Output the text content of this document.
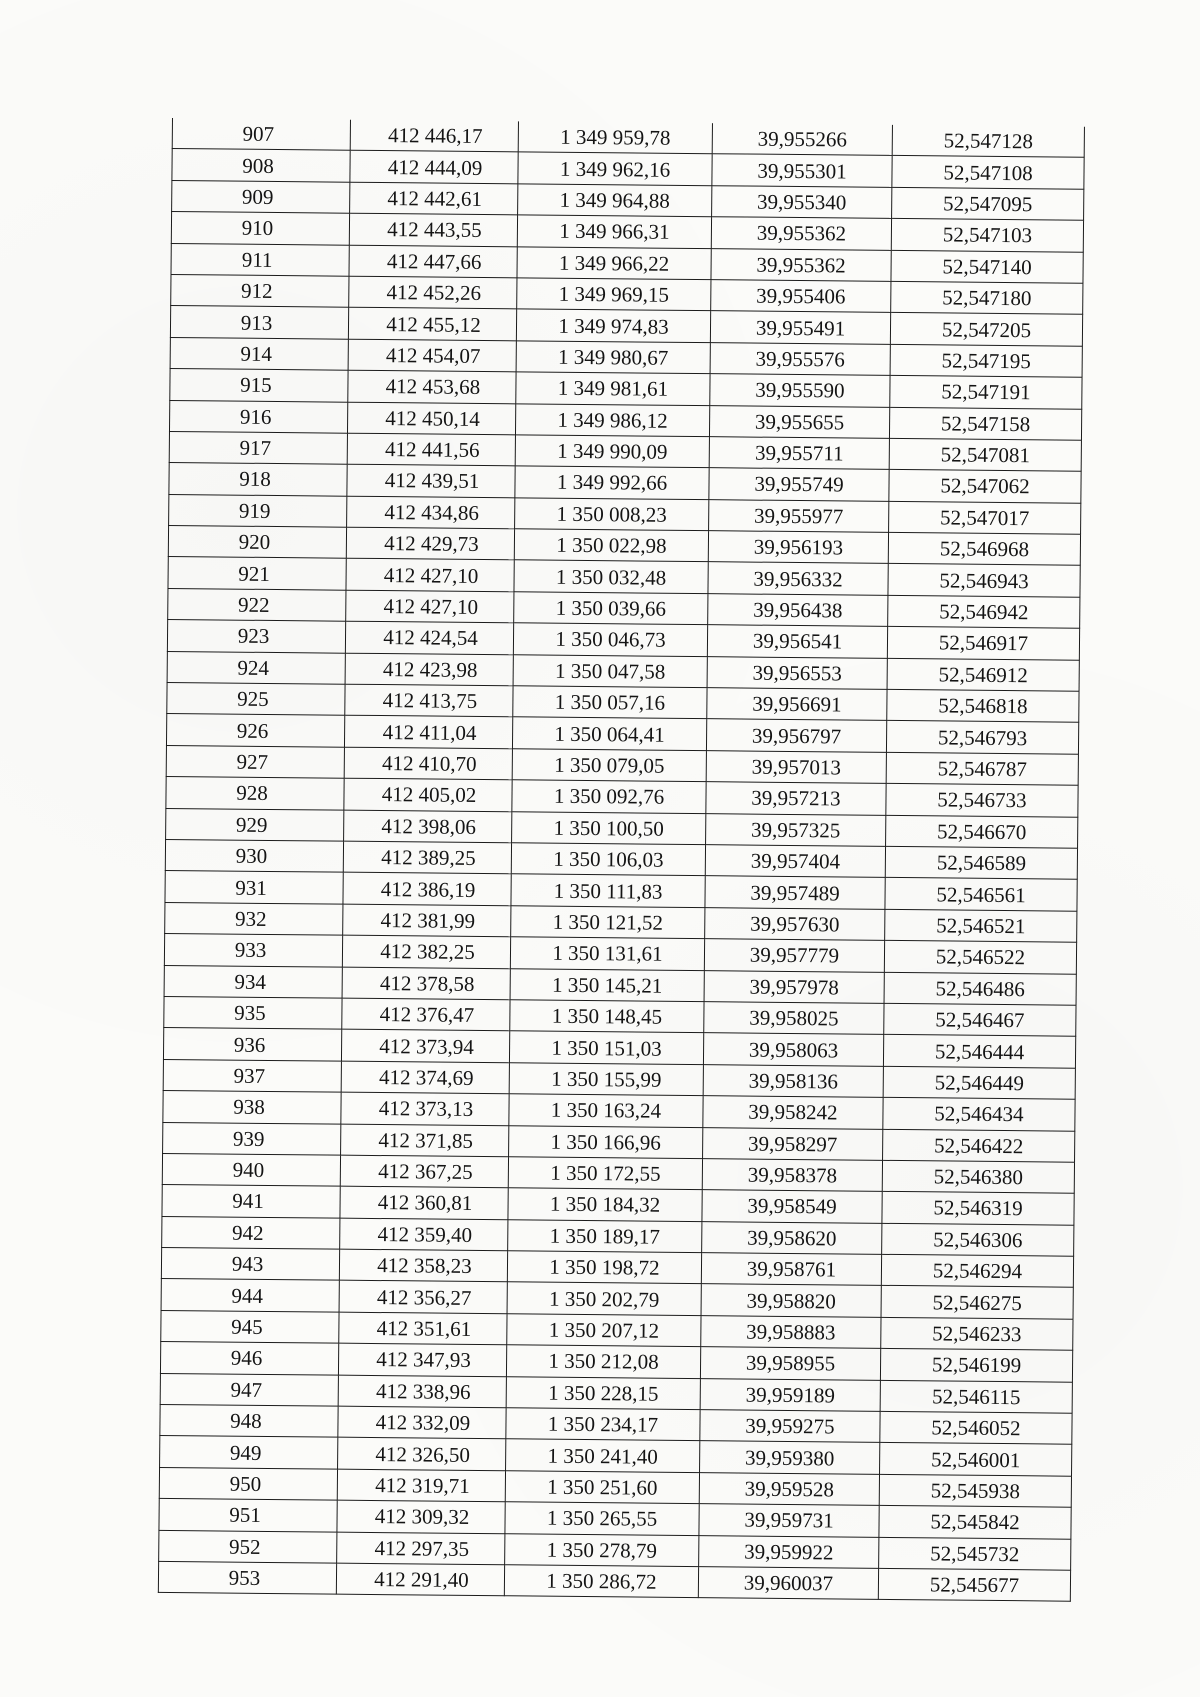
907	412 446,17	1 349 959,78	39,955266	52,547128
908	412 444,09	1 349 962,16	39,955301	52,547108
909	412 442,61	1 349 964,88	39,955340	52,547095
910	412 443,55	1 349 966,31	39,955362	52,547103
911	412 447,66	1 349 966,22	39,955362	52,547140
912	412 452,26	1 349 969,15	39,955406	52,547180
913	412 455,12	1 349 974,83	39,955491	52,547205
914	412 454,07	1 349 980,67	39,955576	52,547195
915	412 453,68	1 349 981,61	39,955590	52,547191
916	412 450,14	1 349 986,12	39,955655	52,547158
917	412 441,56	1 349 990,09	39,955711	52,547081
918	412 439,51	1 349 992,66	39,955749	52,547062
919	412 434,86	1 350 008,23	39,955977	52,547017
920	412 429,73	1 350 022,98	39,956193	52,546968
921	412 427,10	1 350 032,48	39,956332	52,546943
922	412 427,10	1 350 039,66	39,956438	52,546942
923	412 424,54	1 350 046,73	39,956541	52,546917
924	412 423,98	1 350 047,58	39,956553	52,546912
925	412 413,75	1 350 057,16	39,956691	52,546818
926	412 411,04	1 350 064,41	39,956797	52,546793
927	412 410,70	1 350 079,05	39,957013	52,546787
928	412 405,02	1 350 092,76	39,957213	52,546733
929	412 398,06	1 350 100,50	39,957325	52,546670
930	412 389,25	1 350 106,03	39,957404	52,546589
931	412 386,19	1 350 111,83	39,957489	52,546561
932	412 381,99	1 350 121,52	39,957630	52,546521
933	412 382,25	1 350 131,61	39,957779	52,546522
934	412 378,58	1 350 145,21	39,957978	52,546486
935	412 376,47	1 350 148,45	39,958025	52,546467
936	412 373,94	1 350 151,03	39,958063	52,546444
937	412 374,69	1 350 155,99	39,958136	52,546449
938	412 373,13	1 350 163,24	39,958242	52,546434
939	412 371,85	1 350 166,96	39,958297	52,546422
940	412 367,25	1 350 172,55	39,958378	52,546380
941	412 360,81	1 350 184,32	39,958549	52,546319
942	412 359,40	1 350 189,17	39,958620	52,546306
943	412 358,23	1 350 198,72	39,958761	52,546294
944	412 356,27	1 350 202,79	39,958820	52,546275
945	412 351,61	1 350 207,12	39,958883	52,546233
946	412 347,93	1 350 212,08	39,958955	52,546199
947	412 338,96	1 350 228,15	39,959189	52,546115
948	412 332,09	1 350 234,17	39,959275	52,546052
949	412 326,50	1 350 241,40	39,959380	52,546001
950	412 319,71	1 350 251,60	39,959528	52,545938
951	412 309,32	1 350 265,55	39,959731	52,545842
952	412 297,35	1 350 278,79	39,959922	52,545732
953	412 291,40	1 350 286,72	39,960037	52,545677
